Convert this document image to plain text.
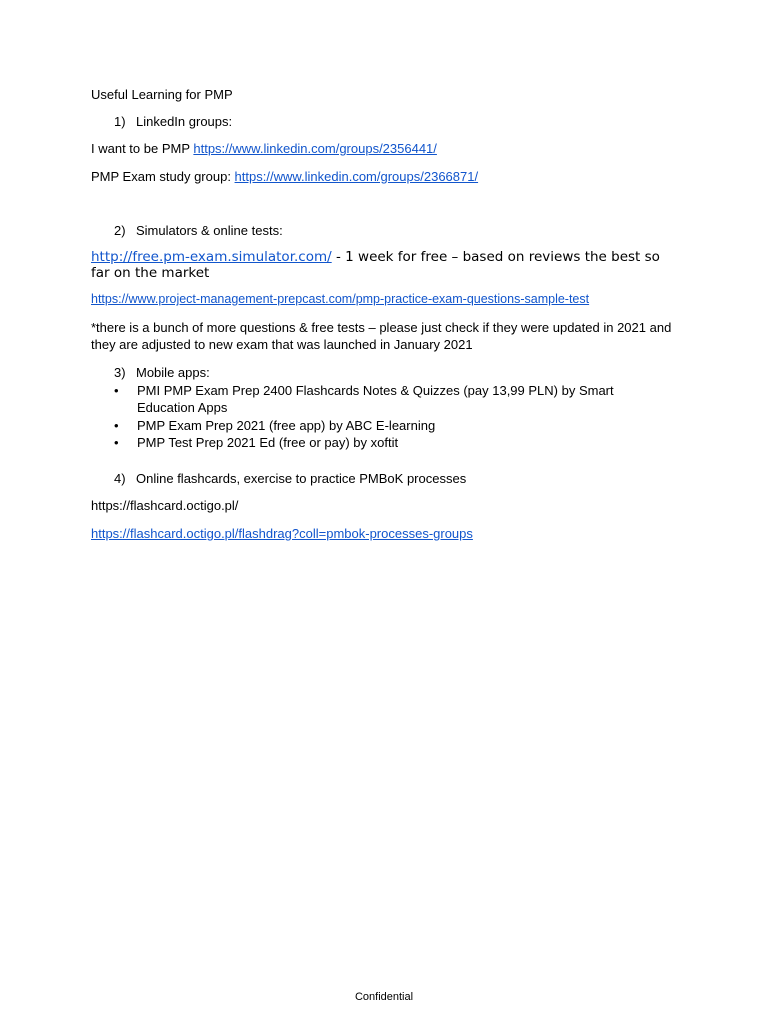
Useful Learning for PMP
1) LinkedIn groups:
I want to be PMP https://www.linkedin.com/groups/2356441/
PMP Exam study group: https://www.linkedin.com/groups/2366871/
2) Simulators & online tests:
http://free.pm-exam.simulator.com/ - 1 week for free – based on reviews the best so far on the market
https://www.project-management-prepcast.com/pmp-practice-exam-questions-sample-test
*there is a bunch of more questions & free tests – please just check if they were updated in 2021 and they are adjusted to new exam that was launched in January 2021
3) Mobile apps:
• PMI PMP Exam Prep 2400 Flashcards Notes & Quizzes (pay 13,99 PLN) by Smart Education Apps
• PMP Exam Prep 2021 (free app) by ABC E-learning
• PMP Test Prep 2021 Ed (free or pay) by xoftit
4) Online flashcards, exercise to practice PMBoK processes
https://flashcard.octigo.pl/
https://flashcard.octigo.pl/flashdrag?coll=pmbok-processes-groups
Confidential
